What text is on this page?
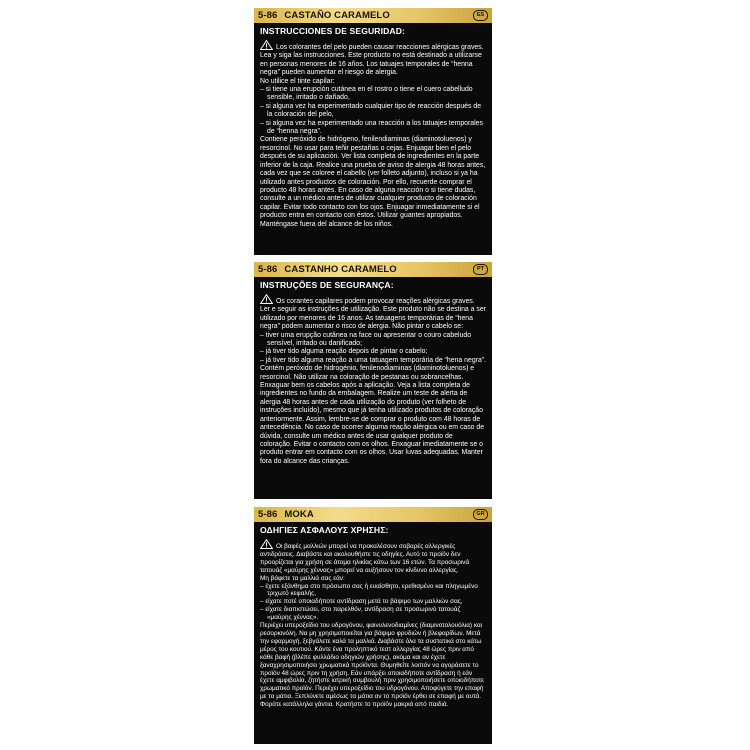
5-86 CASTAÑO CARAMELO	ES
INSTRUCCIONES DE SEGURIDAD:

Los colorantes del pelo pueden causar reacciones alérgicas graves. Lea y siga las instrucciones. Este producto no está destinado a utilizarse en personas menores de 16 años. Los tatuajes temporales de “henna negra” pueden aumentar el riesgo de alergia.

No utilice el tinte capilar:

– si tiene una erupción cutánea en el rostro o tiene el cuero cabelludo sensible, irritado o dañado,

– si alguna vez ha experimentado cualquier tipo de reacción después de la coloración del pelo,

– si alguna vez ha experimentado una reacción a los tatuajes temporales de “henna negra”.

Contiene peróxido de hidrógeno, fenilendiaminas (diaminotoluenos) y resorcinol. No usar para teñir pestañas o cejas. Enjuagar bien el pelo después de su aplicación. Ver lista completa de ingredientes en la parte inferior de la caja. Realice una prueba de aviso de alergia 48 horas antes, cada vez que se coloree el cabello (ver folleto adjunto), incluso si ya ha utilizado antes productos de coloración. Por ello, recuerde comprar el producto 48 horas antes. En caso de alguna reacción o si tiene dudas, consulte a un médico antes de utilizar cualquier producto de coloración capilar. Evitar todo contacto con los ojos. Enjuagar inmediatamente si el producto entra en contacto con éstos. Utilizar guantes apropiados. Manténgase fuera del alcance de los niños.

5-86 CASTANHO CARAMELO	PT
INSTRUÇÕES DE SEGURANÇA:

Os corantes capilares podem provocar reações alérgicas graves. Ler e seguir as instruções de utilização. Este produto não se destina a ser utilizado por menores de 16 anos. As tatuagens temporárias de “hena negra” podem aumentar o risco de alergia. Não pintar o cabelo se:

– tiver uma erupção cutânea na face ou apresentar o couro cabeludo sensível, irritado ou danificado;

– já tiver tido alguma reação depois de pintar o cabelo;

– já tiver tido alguma reação a uma tatuagem temporária de “hena negra”.

Contém peróxido de hidrogénio, fenilenodiaminas (diaminotoluenos) e resorcinol. Não utilizar na coloração de pestanas ou sobrancelhas. Enxaguar bem os cabelos após a aplicação. Veja a lista completa de ingredientes no fundo da embalagem. Realize um teste de alerta de alergia 48 horas antes de cada utilização do produto (ver folheto de instruções incluído), mesmo que já tenha utilizado produtos de coloração anteriormente. Assim, lembre-se de comprar o produto com 48 horas de antecedência. No caso de ocorrer alguma reação alérgica ou em caso de dúvida, consulte um médico antes de usar qualquer produto de coloração. Evitar o contacto com os olhos. Enxaguar imediatamente se o produto entrar em contacto com os olhos. Usar luvas adequadas. Manter fora do alcance das crianças.

5-86 MOKA	GR
ΟΔΗΓΙΕΣ ΑΣΦΑΛΟΥΣ ΧΡΗΣΗΣ:

Οι βαφές μαλλιών μπορεί να προκαλέσουν σοβαρές αλλεργικές αντιδράσεις. Διαβάστε και ακολουθήστε τις οδηγίες. Αυτό το προϊόν δεν προορίζεται για χρήση σε άτομα ηλικίας κάτω των 16 ετών. Τα προσωρινά τατουάζ «μαύρης χέννας» μπορεί να αυξήσουν τον κίνδυνο αλλεργίας.

Μη βάφετε τα μαλλιά σας εάν:

– έχετε εξάνθημα στο πρόσωπο σας ή ευαίσθητο, ερεθισμένο και πληγωμένο τριχωτό κεφαλής,

– είχατε ποτέ οποιαδήποτε αντίδραση μετά το βάψιμο των μαλλιών σας,

– είχατε διαπιστώσει, στο παρελθόν, αντίδραση σε προσωρινό τατουάζ «μαύρης χέννας».

Περιέχει υπεροξείδιο του υδρογόνου, φαινυλενοδιαμίνες (διαμινοτολουόλια) και ρεσορκινόλη. Να μη χρησιμοποιείται για βάψιμο φρυδιών ή βλεφαρίδων. Μετά την εφαρμογή, ξεβγάλετε καλά τα μαλλιά. Διαβάστε όλα τα συστατικά στο κάτω μέρος του κουτιού. Κάντε ένα προληπτικό τεστ αλλεργίας 48 ώρες πριν από κάθε βαφή (βλέπε φυλλάδιο οδηγιών χρήσης), ακόμα και αν έχετε ξαναχρησιμοποιήσει χρωματικά προϊόντα. Θυμηθείτε λοιπόν να αγοράσετε το προϊόν 48 ώρες πριν τη χρήση. Εάν υπάρξει οποιαδήποτε αντίδραση ή εάν έχετε αμφιβολία, ζητήστε ιατρική συμβουλή πριν χρησιμοποιήσετε οποιοδήποτε χρωματικό προϊόν. Περιέχει υπεροξείδιο του υδρογόνου. Αποφύγετε την επαφή με τα μάτια. Ξεπλύνετε αμέσως τα μάτια αν το προϊόν έρθει σε επαφή με αυτά. Φοράτε κατάλληλα γάντια. Κρατήστε το προϊόν μακριά από παιδιά.
